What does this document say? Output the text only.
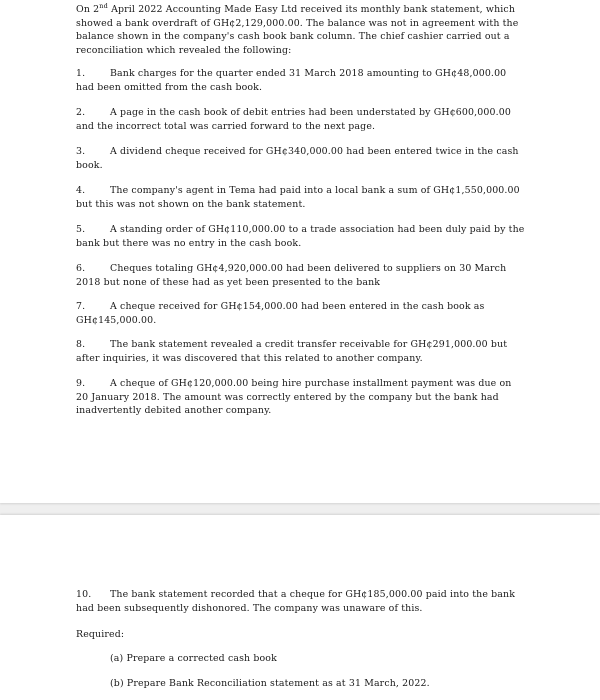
On 2nd April 2022 Accounting Made Easy Ltd received its monthly bank statement, which showed a bank overdraft of GH¢2,129,000.00. The balance was not in agreement with the balance shown in the company's cash book bank column. The chief cashier carried out a reconciliation which revealed the following:

1.	Bank charges for the quarter ended 31 March 2018 amounting to GH¢48,000.00 had been omitted from the cash book.

2.	A page in the cash book of debit entries had been understated by GH¢600,000.00 and the incorrect total was carried forward to the next page.

3.	A dividend cheque received for GH¢340,000.00 had been entered twice in the cash book.

4.	The company's agent in Tema had paid into a local bank a sum of GH¢1,550,000.00 but this was not shown on the bank statement.

5.	A standing order of GH¢110,000.00 to a trade association had been duly paid by the bank but there was no entry in the cash book.

6.	Cheques totaling GH¢4,920,000.00 had been delivered to suppliers on 30 March 2018 but none of these had as yet been presented to the bank

7.	A cheque received for GH¢154,000.00 had been entered in the cash book as GH¢145,000.00.

8.	The bank statement revealed a credit transfer receivable for GH¢291,000.00 but after inquiries, it was discovered that this related to another company.

9.	A cheque of GH¢120,000.00 being hire purchase installment payment was due on 20 January 2018. The amount was correctly entered by the company but the bank had inadvertently debited another company.

10. The bank statement recorded that a cheque for GH¢185,000.00 paid into the bank had been subsequently dishonored. The company was unaware of this.

Required:

(a) Prepare a corrected cash book

(b) Prepare Bank Reconciliation statement as at 31 March, 2022.
